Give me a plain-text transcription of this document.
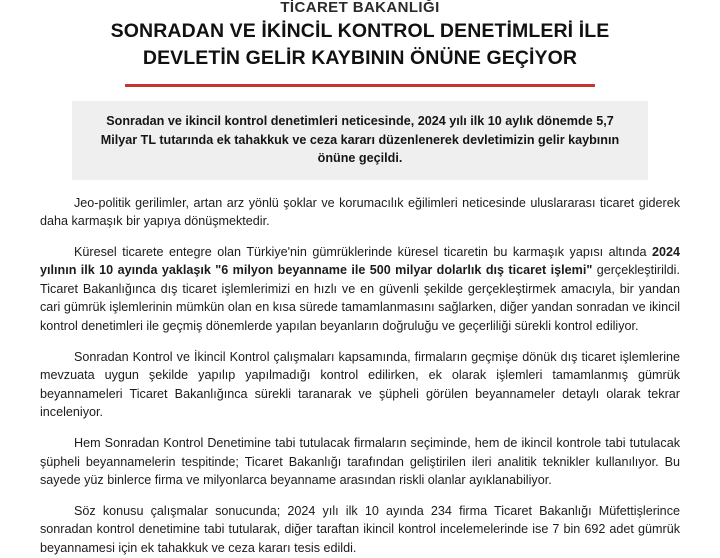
TİCARET BAKANLIĞI
SONRADAN VE İKİNCİL KONTROL DENETİMLERİ İLE
DEVLETİN GELİR KAYBININ ÖNÜNE GEÇİYOR

Sonradan ve ikincil kontrol denetimleri neticesinde, 2024 yılı ilk 10 aylık dönemde 5,7 Milyar TL tutarında ek tahakkuk ve ceza kararı düzenlenerek devletimizin gelir kaybının önüne geçildi.

Jeo-politik gerilimler, artan arz yönlü şoklar ve korumacılık eğilimleri neticesinde uluslararası ticaret giderek daha karmaşık bir yapıya dönüşmektedir.

Küresel ticarete entegre olan Türkiye'nin gümrüklerinde küresel ticaretin bu karmaşık yapısı altında 2024 yılının ilk 10 ayında yaklaşık "6 milyon beyanname ile 500 milyar dolarlık dış ticaret işlemi" gerçekleştirildi. Ticaret Bakanlığınca dış ticaret işlemlerimizi en hızlı ve en güvenli şekilde gerçekleştirmek amacıyla, bir yandan cari gümrük işlemlerinin mümkün olan en kısa sürede tamamlanmasını sağlarken, diğer yandan sonradan ve ikincil kontrol denetimleri ile geçmiş dönemlerde yapılan beyanların doğruluğu ve geçerliliği sürekli kontrol ediliyor.

Sonradan Kontrol ve İkincil Kontrol çalışmaları kapsamında, firmaların geçmişe dönük dış ticaret işlemlerine mevzuata uygun şekilde yapılıp yapılmadığı kontrol edilirken, ek olarak işlemleri tamamlanmış gümrük beyannameleri Ticaret Bakanlığınca sürekli taranarak ve şüpheli görülen beyannameler detaylı olarak tekrar inceleniyor.

Hem Sonradan Kontrol Denetimine tabi tutulacak firmaların seçiminde, hem de ikincil kontrole tabi tutulacak şüpheli beyannamelerin tespitinde; Ticaret Bakanlığı tarafından geliştirilen ileri analitik teknikler kullanılıyor. Bu sayede yüz binlerce firma ve milyonlarca beyanname arasından riskli olanlar ayıklanabiliyor.

Söz konusu çalışmalar sonucunda; 2024 yılı ilk 10 ayında 234 firma Ticaret Bakanlığı Müfettişlerince sonradan kontrol denetimine tabi tutularak, diğer taraftan ikincil kontrol incelemelerinde ise 7 bin 692 adet gümrük beyannamesi için ek tahakkuk ve ceza kararı tesis edildi.
